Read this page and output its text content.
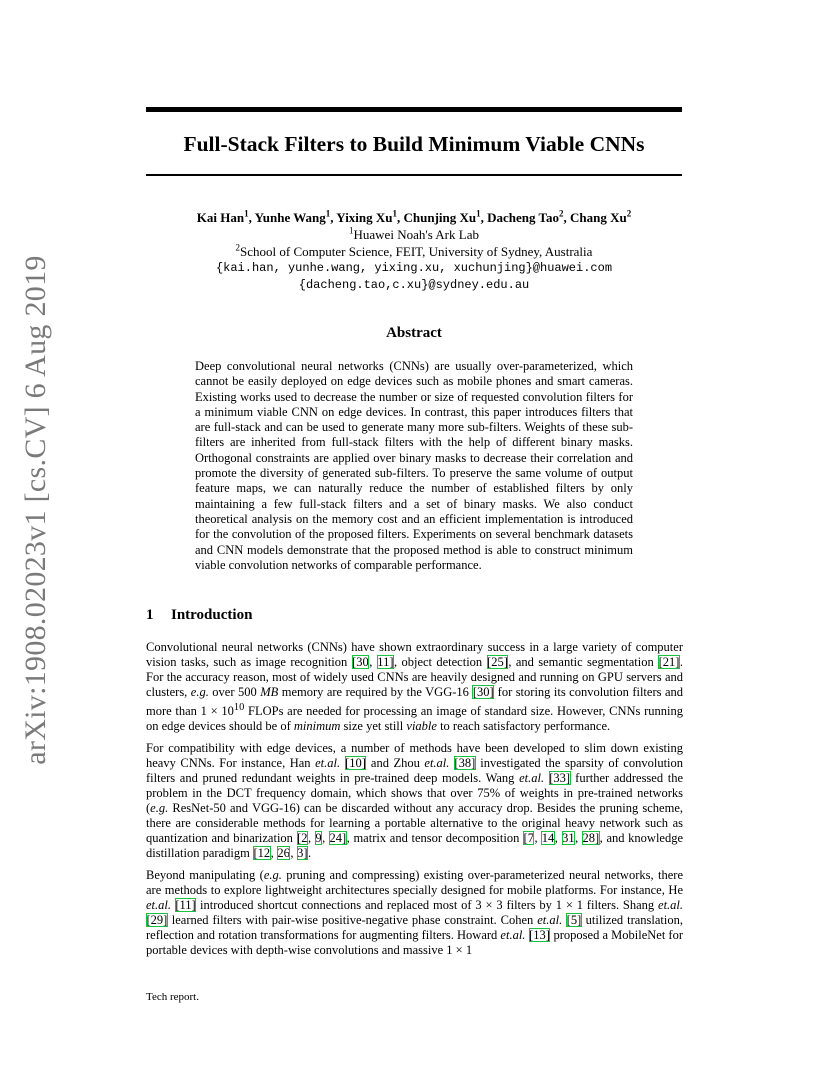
arXiv:1908.02023v1 [cs.CV] 6 Aug 2019
Full-Stack Filters to Build Minimum Viable CNNs
Kai Han$^1$, Yunhe Wang$^1$, Yixing Xu$^1$, Chunjing Xu$^1$, Dacheng Tao$^2$, Chang Xu$^2$
$^1$Huawei Noah's Ark Lab
$^2$School of Computer Science, FEIT, University of Sydney, Australia
{kai.han, yunhe.wang, yixing.xu, xuchunjing}@huawei.com
{dacheng.tao,c.xu}@sydney.edu.au
Abstract
Deep convolutional neural networks (CNNs) are usually over-parameterized, which cannot be easily deployed on edge devices such as mobile phones and smart cameras. Existing works used to decrease the number or size of requested convolution filters for a minimum viable CNN on edge devices. In contrast, this paper introduces filters that are full-stack and can be used to generate many more sub-filters. Weights of these sub-filters are inherited from full-stack filters with the help of different binary masks. Orthogonal constraints are applied over binary masks to decrease their correlation and promote the diversity of generated sub-filters. To preserve the same volume of output feature maps, we can naturally reduce the number of established filters by only maintaining a few full-stack filters and a set of binary masks. We also conduct theoretical analysis on the memory cost and an efficient implementation is introduced for the convolution of the proposed filters. Experiments on several benchmark datasets and CNN models demonstrate that the proposed method is able to construct minimum viable convolution networks of comparable performance.
1 Introduction

Convolutional neural networks (CNNs) have shown extraordinary success in a large variety of computer vision tasks, such as image recognition [30, 11], object detection [25], and semantic segmentation [21]. For the accuracy reason, most of widely used CNNs are heavily designed and running on GPU servers and clusters, e.g. over 500 MB memory are required by the VGG-16 [30] for storing its convolution filters and more than $1 \times 10^{10}$ FLOPs are needed for processing an image of standard size. However, CNNs running on edge devices should be of minimum size yet still viable to reach satisfactory performance.

For compatibility with edge devices, a number of methods have been developed to slim down existing heavy CNNs. For instance, Han et.al. [10] and Zhou et.al. [38] investigated the sparsity of convolution filters and pruned redundant weights in pre-trained deep models. Wang et.al. [33] further addressed the problem in the DCT frequency domain, which shows that over 75% of weights in pre-trained networks (e.g. ResNet-50 and VGG-16) can be discarded without any accuracy drop. Besides the pruning scheme, there are considerable methods for learning a portable alternative to the original heavy network such as quantization and binarization [2, 9, 24], matrix and tensor decomposition [7, 14, 31, 28], and knowledge distillation paradigm [12, 26, 3].

Beyond manipulating (e.g. pruning and compressing) existing over-parameterized neural networks, there are methods to explore lightweight architectures specially designed for mobile platforms. For instance, He et.al. [11] introduced shortcut connections and replaced most of 3 × 3 filters by 1 × 1 filters. Shang et.al. [29] learned filters with pair-wise positive-negative phase constraint. Cohen et.al. [5] utilized translation, reflection and rotation transformations for augmenting filters. Howard et.al. [13] proposed a MobileNet for portable devices with depth-wise convolutions and massive 1 × 1

Tech report.
